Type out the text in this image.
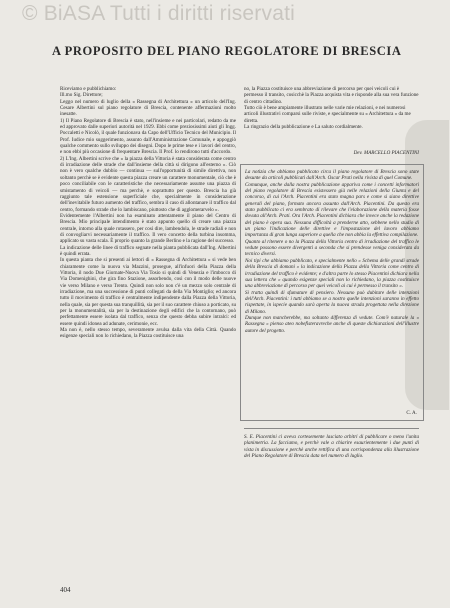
© BiASA Tutti i diritti riservati
A PROPOSITO DEL PIANO REGOLATORE DI BRESCIA
Riceviamo e pubblichiamo:
Ill.mo Sig. Direttore;
Leggo nel numero di luglio della « Rassegna di Architettura » un articolo dell'Ing. Cesare Albertini sul piano regolatore di Brescia, contenente affermazioni molto inesatte.
1) Il Piano Regolatore di Brescia è stato, nell'insieme e nei particolari, redatto da me ed approvato dalle superiori autorità nel 1929. Ebbi come preziosissimi aiuti gli Ingg. Poccaletti e Nicolò, il quale funzionava da Capo dell'Ufficio Tecnico del Municipio. Il Prof. Iudice mio suggerimento, assunto dall'Amministrazione Comunale, e appoggiò qualche commento sullo sviluppo dei disegni. Dopo le prime tese e i lavori del centro, e non ebbi più occasione di frequentare Brescia. Il Prof. lo rendirono tutti d'accordo.
2) L'Ing. Albertini scrive che « la piazza della Vittoria è stata considerata come centro di irradiazione delle strade che dall'insieme della città si dirigono all'esterno ». Ciò non è vero qualche dubbio — continua — sull'opportunità di simile direttiva, non soltanto perchè se è evidente questa piazza creare un carattere monumentale, ciò che è poco conciliabile con le caratteristiche che necessariamente assume una piazza di smistamento di veicoli — ma perchè, e soprattutto per questo. Brescia ha già raggiunto tale estensione superficiale che, specialmente in considerazione dell'inevitabile futuro aumento del traffico, sembra il caso di allontanare il traffico dal centro, formando strade che lo lambiscano, piuttosto che di agglomerarvelo ».
Evidentemente l'Albertini non ha esaminato attentamente il piano del Centro di Brescia. Mio principale intendimento è stato appunto quello di creare una piazza centrale, intorno alla quale rotassero, per così dire, lambendola, le strade radiali e non di convogliarvi necessariamente il traffico. Il vero concetto della turbina insomma, applicato su vasta scala. È proprio quanto la grande Berlino e la ragione del successo.
La indicazione delle linee di traffico segnate nella pianta pubblicata dall'Ing. Albertini è quindi errata.
In questa pianta che si presenti ai lettori di « Rassegna di Architettura » si vede ben chiaramente come la nuova via Mazzini, prosegue, all'infuori della Piazza della Vittoria, il nodo Due Giornate-Nuova Via Tosio si quindi di Venezia e l'imbocco di Via Domenighini, che gira fino Stazione, assorbendo, così con il modo delle nuove vie verso Milano e verso Trento. Quindi non solo non c'è un mezzo solo centrale di irradiazione, ma una successione di punti collegati da della Via Montiglio; ed ancora tutto il movimento di traffico è centralmente indipendente dalla Piazza della Vittoria, nella quale, sia per questa sua tranquillità, sia per il suo carattere chiuso a porticato, su per la monumentalità, sia per la destinazione degli edifici che la contornano, può perfettamente essere isolata dal traffico, senza che questo debba subire intralci: ed essere quindi idonea ad adunate, cerimonie, ecc.
Ma non è, nello stesso tempo, severamente avulsa dalla vita della Città. Quando esigenze speciali non lo richiedano, la Piazza costituisce una
no, la Piazza costituisce una abbreviazione di percorso per quei veicoli cui è permesso il transito, cosicchè la Piazza acquista vita e risponde alla sua vera funzione di centro cittadino.
Tutto ciò è bene ampiamente illustrato nelle varie mie relazioni, e nei numerosi articoli illustrativi comparsi sulle riviste, e specialmente su « Architettura » da me diretta.
La ringrazio della pubblicazione e La saluto cordialmente.
Dev. MARCELLO PIACENTINI
La notizia che abbiamo pubblicato circa il piano regolatore di Brescia sono state desunte da articoli pubblicati dall'Arch. Oscar Prati nella rivista di quel Comune.
Comunque, anche dalla nostra pubblicazione appariva come i concetti informatori del piano regolatore di Brescia esistessero già nelle relazioni della Giunta e del concorso, di cui l'Arch. Piacentini era stato magna pars e come si siano direttive generali del piano, formato ancora assunto dall'Arch. Piacentini. Da questo era stato pubblicato ci era sembrato di rilevare che l'elaborazione della materia fosse dovuta all'Arch. Prati. Ora l'Arch. Piacentini dichiara che invece anche la redazione del piano è opera sua. Nessuna difficoltà a prenderne atto, sebbene nello studio di un piano l'indicazione delle direttive e l'impostazione del lavoro abbiamo importanza di gran lunga superiore a quella che non abbia la effettiva compilazione.
Quanto al ritenere o no la Piazza della Vittoria centro di irradiazione del traffico le vedute possono essere divergenti a seconda che si prendesse veniga considerata da tecnico diversi.
Noi tipi che abbiamo pubblicato, e specialmente nello « Schema delle grandi strade della Brescia di domani » la indicazione della Piazza della Vittoria come centro di irradiazione del traffico è evidente; e d'altra parte lo stesso Piacentini dichiara nella sua lettera che « quando esigenze speciali non lo richiedano, la piazza costituisce una abbreviazione di percorso per quei veicoli ai cui è permesso il transito ».
Si tratta quindi di sfumature di pensiero. Nessuno può dubitare delle intenzioni dell'Arch. Piacentini: i tutti abbiamo se a nostro quelle intenzioni saranno in effetto rispettate, in ispecie quando sarà aperta la nuova strada progettata nella direzione di Milano.
Dunque non mancherebbe, ma soltanto differenza di vedute. Com'è naturale la « Rassegna » pienso ateo nobefisteravreche anche di queste dichiarazioni dell'illustre autore del progetto.
C. A.
S. E. Piacentini ci aveva cortesemente lasciato arbitri di pubblicare o meno l'unita planimetria. La facciamo, e perchè vale a chiarire esaurientemente i due punti di vista in discussione e perchè anche rettifica di una corrispondenza alla illustrazione del Piano Regolatore di Brescia data nel numero di luglio.
404
